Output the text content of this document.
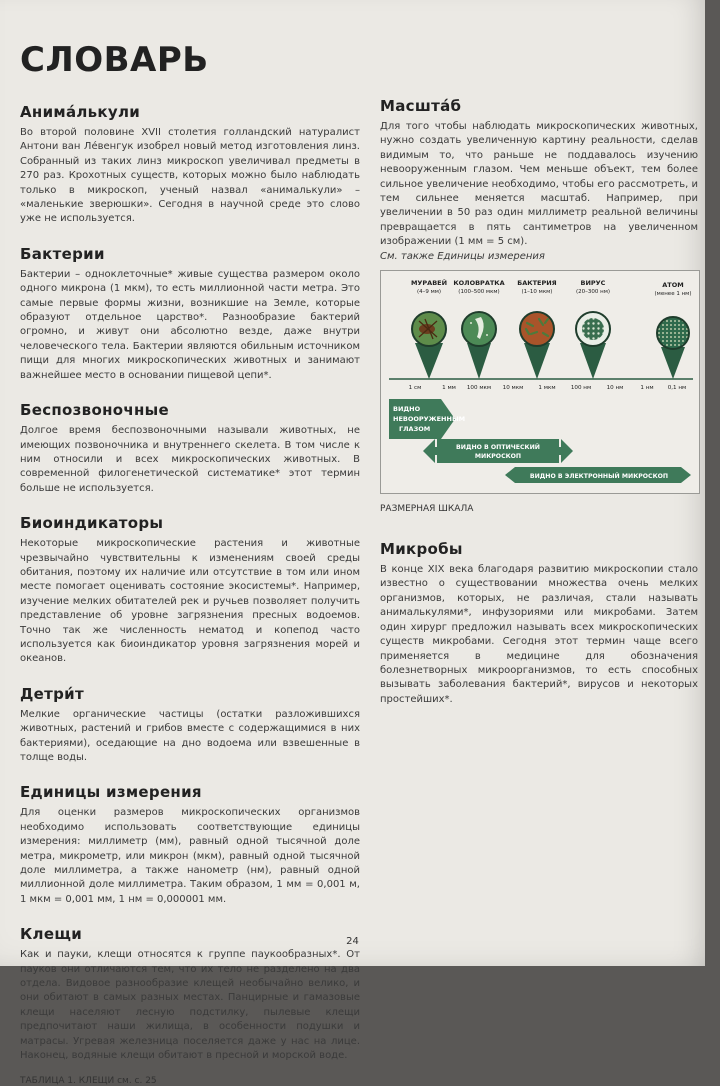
СЛОВАРЬ
Анима́лькули

Во второй половине XVII столетия голландский натуралист Антони ван Лéвенгук изобрел новый метод изготовления линз. Собранный из таких линз микроскоп увеличивал предметы в 270 раз. Крохотных существ, которых можно было наблюдать только в микроскоп, ученый назвал «анималькули» – «маленькие зверюшки». Сегодня в научной среде это слово уже не используется.

Бактерии

Бактерии – одноклеточные* живые существа размером около одного микрона (1 мкм), то есть миллионной части метра. Это самые первые формы жизни, возникшие на Земле, которые образуют отдельное царство*. Разнообразие бактерий огромно, и живут они абсолютно везде, даже внутри человеческого тела. Бактерии являются обильным источником пищи для многих микроскопических животных и занимают важнейшее место в основании пищевой цепи*.

Беспозвоночные

Долгое время беспозвоночными называли животных, не имеющих позвоночника и внутреннего скелета. В том числе к ним относили и всех микроскопических животных. В современной филогенетической систематике* этот термин больше не используется.

Биоиндикаторы

Некоторые микроскопические растения и животные чрезвычайно чувствительны к изменениям своей среды обитания, поэтому их наличие или отсутствие в том или ином месте помогает оценивать состояние экосистемы*. Например, изучение мелких обитателей рек и ручьев позволяет получить представление об уровне загрязнения пресных водоемов. Точно так же численность нематод и копепод часто используется как биоиндикатор уровня загрязнения морей и океанов.

Детри́т

Мелкие органические частицы (остатки разложившихся животных, растений и грибов вместе с содержащимися в них бактериями), оседающие на дно водоема или взвешенные в толще воды.

Единицы измерения

Для оценки размеров микроскопических организмов необходимо использовать соответствующие единицы измерения: миллиметр (мм), равный одной тысячной доле метра, микрометр, или микрон (мкм), равный одной тысячной доле миллиметра, а также нанометр (нм), равный одной миллионной доле миллиметра. Таким образом, 1 мм = 0,001 м, 1 мкм = 0,001 мм, 1 нм = 0,000001 мм.

Клещи

Как и пауки, клещи относятся к группе паукообразных*. От пауков они отличаются тем, что их тело не разделено на два отдела. Видовое разнообразие клещей необычайно велико, и они обитают в самых разных местах. Панцирные и гамазовые клещи населяют лесную подстилку, пылевые клещи предпочитают наши жилища, в особенности подушки и матрасы. Угревая железница поселяется даже у нас на лице. Наконец, водяные клещи обитают в пресной и морской воде.

ТАБЛИЦА 1. КЛЕЩИ см. с. 25
Масшта́б

Для того чтобы наблюдать микроскопических животных, нужно создать увеличенную картину реальности, сделав видимым то, что раньше не поддавалось изучению невооруженным глазом. Чем меньше объект, тем более сильное увеличение необходимо, чтобы его рассмотреть, и тем сильнее меняется масштаб. Например, при увеличении в 50 раз один миллиметр реальной величины превращается в пять сантиметров на увеличенном изображении (1 мм = 5 см).

См. также Единицы измерения

МУРАВЕЙ
(4–9 мм)
КОЛОВРАТКА
(100–500 мкм)
БАКТЕРИЯ
(1–10 мкм)
ВИРУС
(20–300 нм)
АТОМ
(менее 1 нм)
1 см	1 мм 100 мкм 10 мкм	1 мкм	100 нм	10 нм	1 нм	0,1 нм
ВИДНО
НЕВООРУЖЕННЫМ
ГЛАЗОМ
ВИДНО В ОПТИЧЕСКИЙ
МИКРОСКОП
ВИДНО В ЭЛЕКТРОННЫЙ МИКРОСКОП
РАЗМЕРНАЯ ШКАЛА
Микробы

В конце XIX века благодаря развитию микроскопии стало известно о существовании множества очень мелких организмов, которых, не различая, стали называть анималькулями*, инфузориями или микробами. Затем один хирург предложил называть всех микроскопических существ микробами. Сегодня этот термин чаще всего применяется в медицине для обозначения болезнетворных микроорганизмов, то есть способных вызывать заболевания бактерий*, вирусов и некоторых простейших*.

24
